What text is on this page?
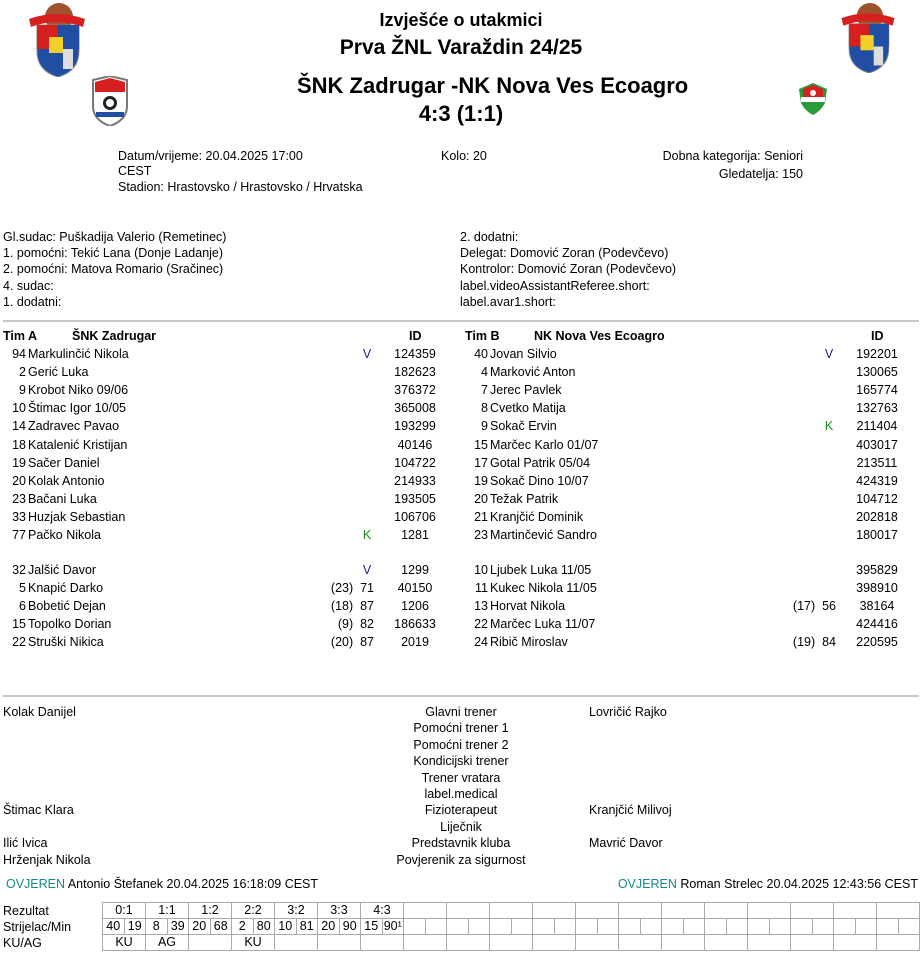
Izvješće o utakmici
Prva ŽNL Varaždin 24/25
ŠNK Zadrugar -NK Nova Ves Ecoagro
4:3 (1:1)
Datum/vrijeme: 20.04.2025 17:00
CEST
Stadion: Hrastovsko / Hrastovsko / Hrvatska
Kolo: 20	Dobna kategorija: Seniori
Gledatelja: 150
Gl.sudac: Puškadija Valerio (Remetinec)
1. pomoćni: Tekić Lana (Donje Ladanje)
2. pomoćni: Matova Romario (Sračinec)
4. sudac:
1. dodatni:
2. dodatni:
Delegat: Domović Zoran (Podevčevo)
Kontrolor: Domović Zoran (Podevčevo)
label.videoAssistantReferee.short:
label.avar1.short:
Tim A	ŠNK Zadrugar	ID	Tim B	NK Nova Ves Ecoagro	ID
94 Markulinčić Nikola	V	124359
2 Gerić Luka	182623
9 Krobot Niko 09/06	376372
10 Štimac Igor 10/05	365008
14 Zadravec Pavao	193299
18 Katalenić Kristijan	40146
19 Sačer Daniel	104722
20 Kolak Antonio	214933
23 Bačani Luka	193505
33 Huzjak Sebastian	106706
77 Pačko Nikola	K	1281
32 Jalšić Davor	V	1299
5 Knapić Darko	(23)  71	40150
6 Bobetić Dejan	(18)  87	1206
15 Topolko Dorian	(9)  82	186633
22 Struški Nikica	(20)  87	2019
40 Jovan Silvio	V	192201
4 Marković Anton	130065
7 Jerec Pavlek	165774
8 Cvetko Matija	132763
9 Sokač Ervin	K	211404
15 Marčec Karlo 01/07	403017
17 Gotal Patrik 05/04	213511
19 Sokač Dino 10/07	424319
20 Težak Patrik	104712
21 Kranjčić Dominik	202818
23 Martinčević Sandro	180017
10 Ljubek Luka 11/05	395829
11 Kukec Nikola 11/05	398910
13 Horvat Nikola	(17)  56	38164
22 Marčec Luka 11/07	424416
24 Ribič Miroslav	(19)  84	220595
Kolak Danijel	Glavni trener	Lovričić Rajko
Pomoćni trener 1
Pomoćni trener 2
Kondicijski trener
Trener vratara
label.medical
Štimac Klara	Fizioterapeut	Kranjčić Milivoj
Liječnik
Ilić Ivica	Predstavnik kluba	Mavrić Davor
Hrženjak Nikola	Povjerenik za sigurnost
OVJEREN Antonio Štefanek 20.04.2025 16:18:09 CEST	OVJEREN Roman Strelec 20.04.2025 12:43:56 CEST
Rezultat
Strijelac/Min
KU/AG
0:1		1:1		1:2		2:2		3:2		3:3		4:3																									
40	19	8	39	20	68	2	80	10	81	20	90	15	90¹																								
KU		AG				KU																															
